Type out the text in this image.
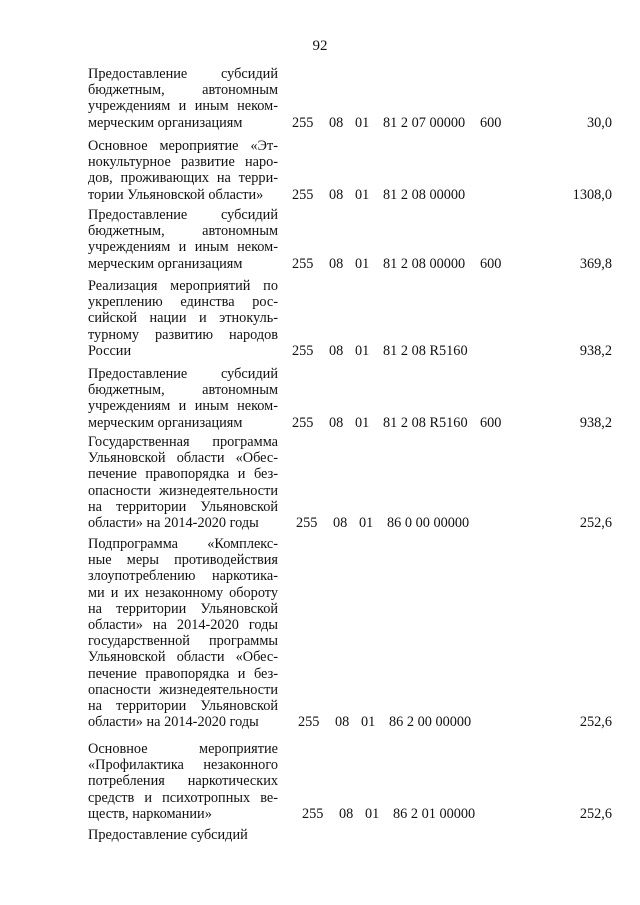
92
Предоставление субсидий
бюджетным, автономным
учреждениям и иным неком-
мерческим организациям	255 08 01 81 2 07 00000 600	30,0
Основное мероприятие «Эт-
нокультурное развитие наро-
дов, проживающих на терри-
тории Ульяновской области»	255 08 01 81 2 08 00000	1308,0
Предоставление субсидий
бюджетным, автономным
учреждениям и иным неком-
мерческим организациям	255 08 01 81 2 08 00000 600	369,8
Реализация мероприятий по
укреплению единства рос-
сийской нации и этнокуль-
турному развитию народов
России	255 08 01 81 2 08 R5160	938,2
Предоставление субсидий
бюджетным, автономным
учреждениям и иным неком-
мерческим организациям	255 08 01 81 2 08 R5160 600	938,2
Государственная программа
Ульяновской области «Обес-
печение правопорядка и без-
опасности жизнедеятельности
на территории Ульяновской
области» на 2014-2020 годы	255 08 01 86 0 00 00000	252,6
Подпрограмма «Комплекс-
ные меры противодействия
злоупотреблению наркотика-
ми и их незаконному обороту
на территории Ульяновской
области» на 2014-2020 годы
государственной программы
Ульяновской области «Обес-
печение правопорядка и без-
опасности жизнедеятельности
на территории Ульяновской
области» на 2014-2020 годы	255 08 01 86 2 00 00000	252,6
Основное мероприятие
«Профилактика незаконного
потребления наркотических
средств и психотропных ве-
ществ, наркомании»	255 08 01 86 2 01 00000	252,6
Предоставление субсидий
